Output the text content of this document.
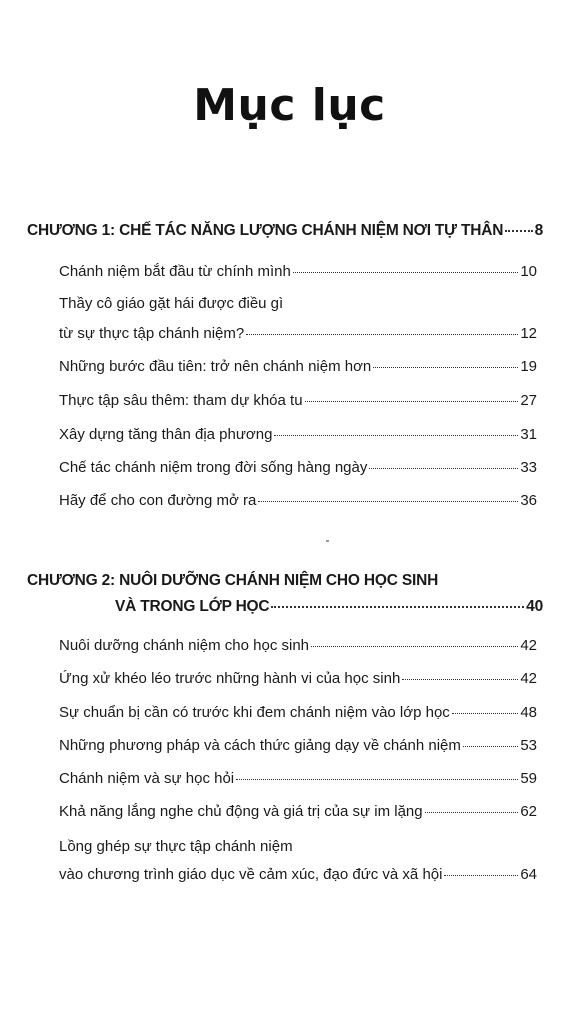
Mục lục
CHƯƠNG 1: CHẾ TÁC NĂNG LƯỢNG CHÁNH NIỆM NƠI TỰ THÂN 8
Chánh niệm bắt đầu từ chính mình	10
Thầy cô giáo gặt hái được điều gì
từ sự thực tập chánh niệm?	12
Những bước đầu tiên: trở nên chánh niệm hơn	19
Thực tập sâu thêm: tham dự khóa tu	27
Xây dựng tăng thân địa phương	31
Chế tác chánh niệm trong đời sống hàng ngày	33
Hãy để cho con đường mở ra	36
CHƯƠNG 2: NUÔI DƯỠNG CHÁNH NIỆM CHO HỌC SINH
VÀ TRONG LỚP HỌC	40
Nuôi dưỡng chánh niệm cho học sinh	42
Ứng xử khéo léo trước những hành vi của học sinh	42
Sự chuẩn bị cần có trước khi đem chánh niệm vào lớp học	48
Những phương pháp và cách thức giảng dạy về chánh niệm	53
Chánh niệm và sự học hỏi	59
Khả năng lắng nghe chủ động và giá trị của sự im lặng	62
Lồng ghép sự thực tập chánh niệm
vào chương trình giáo dục về cảm xúc, đạo đức và xã hội	64
